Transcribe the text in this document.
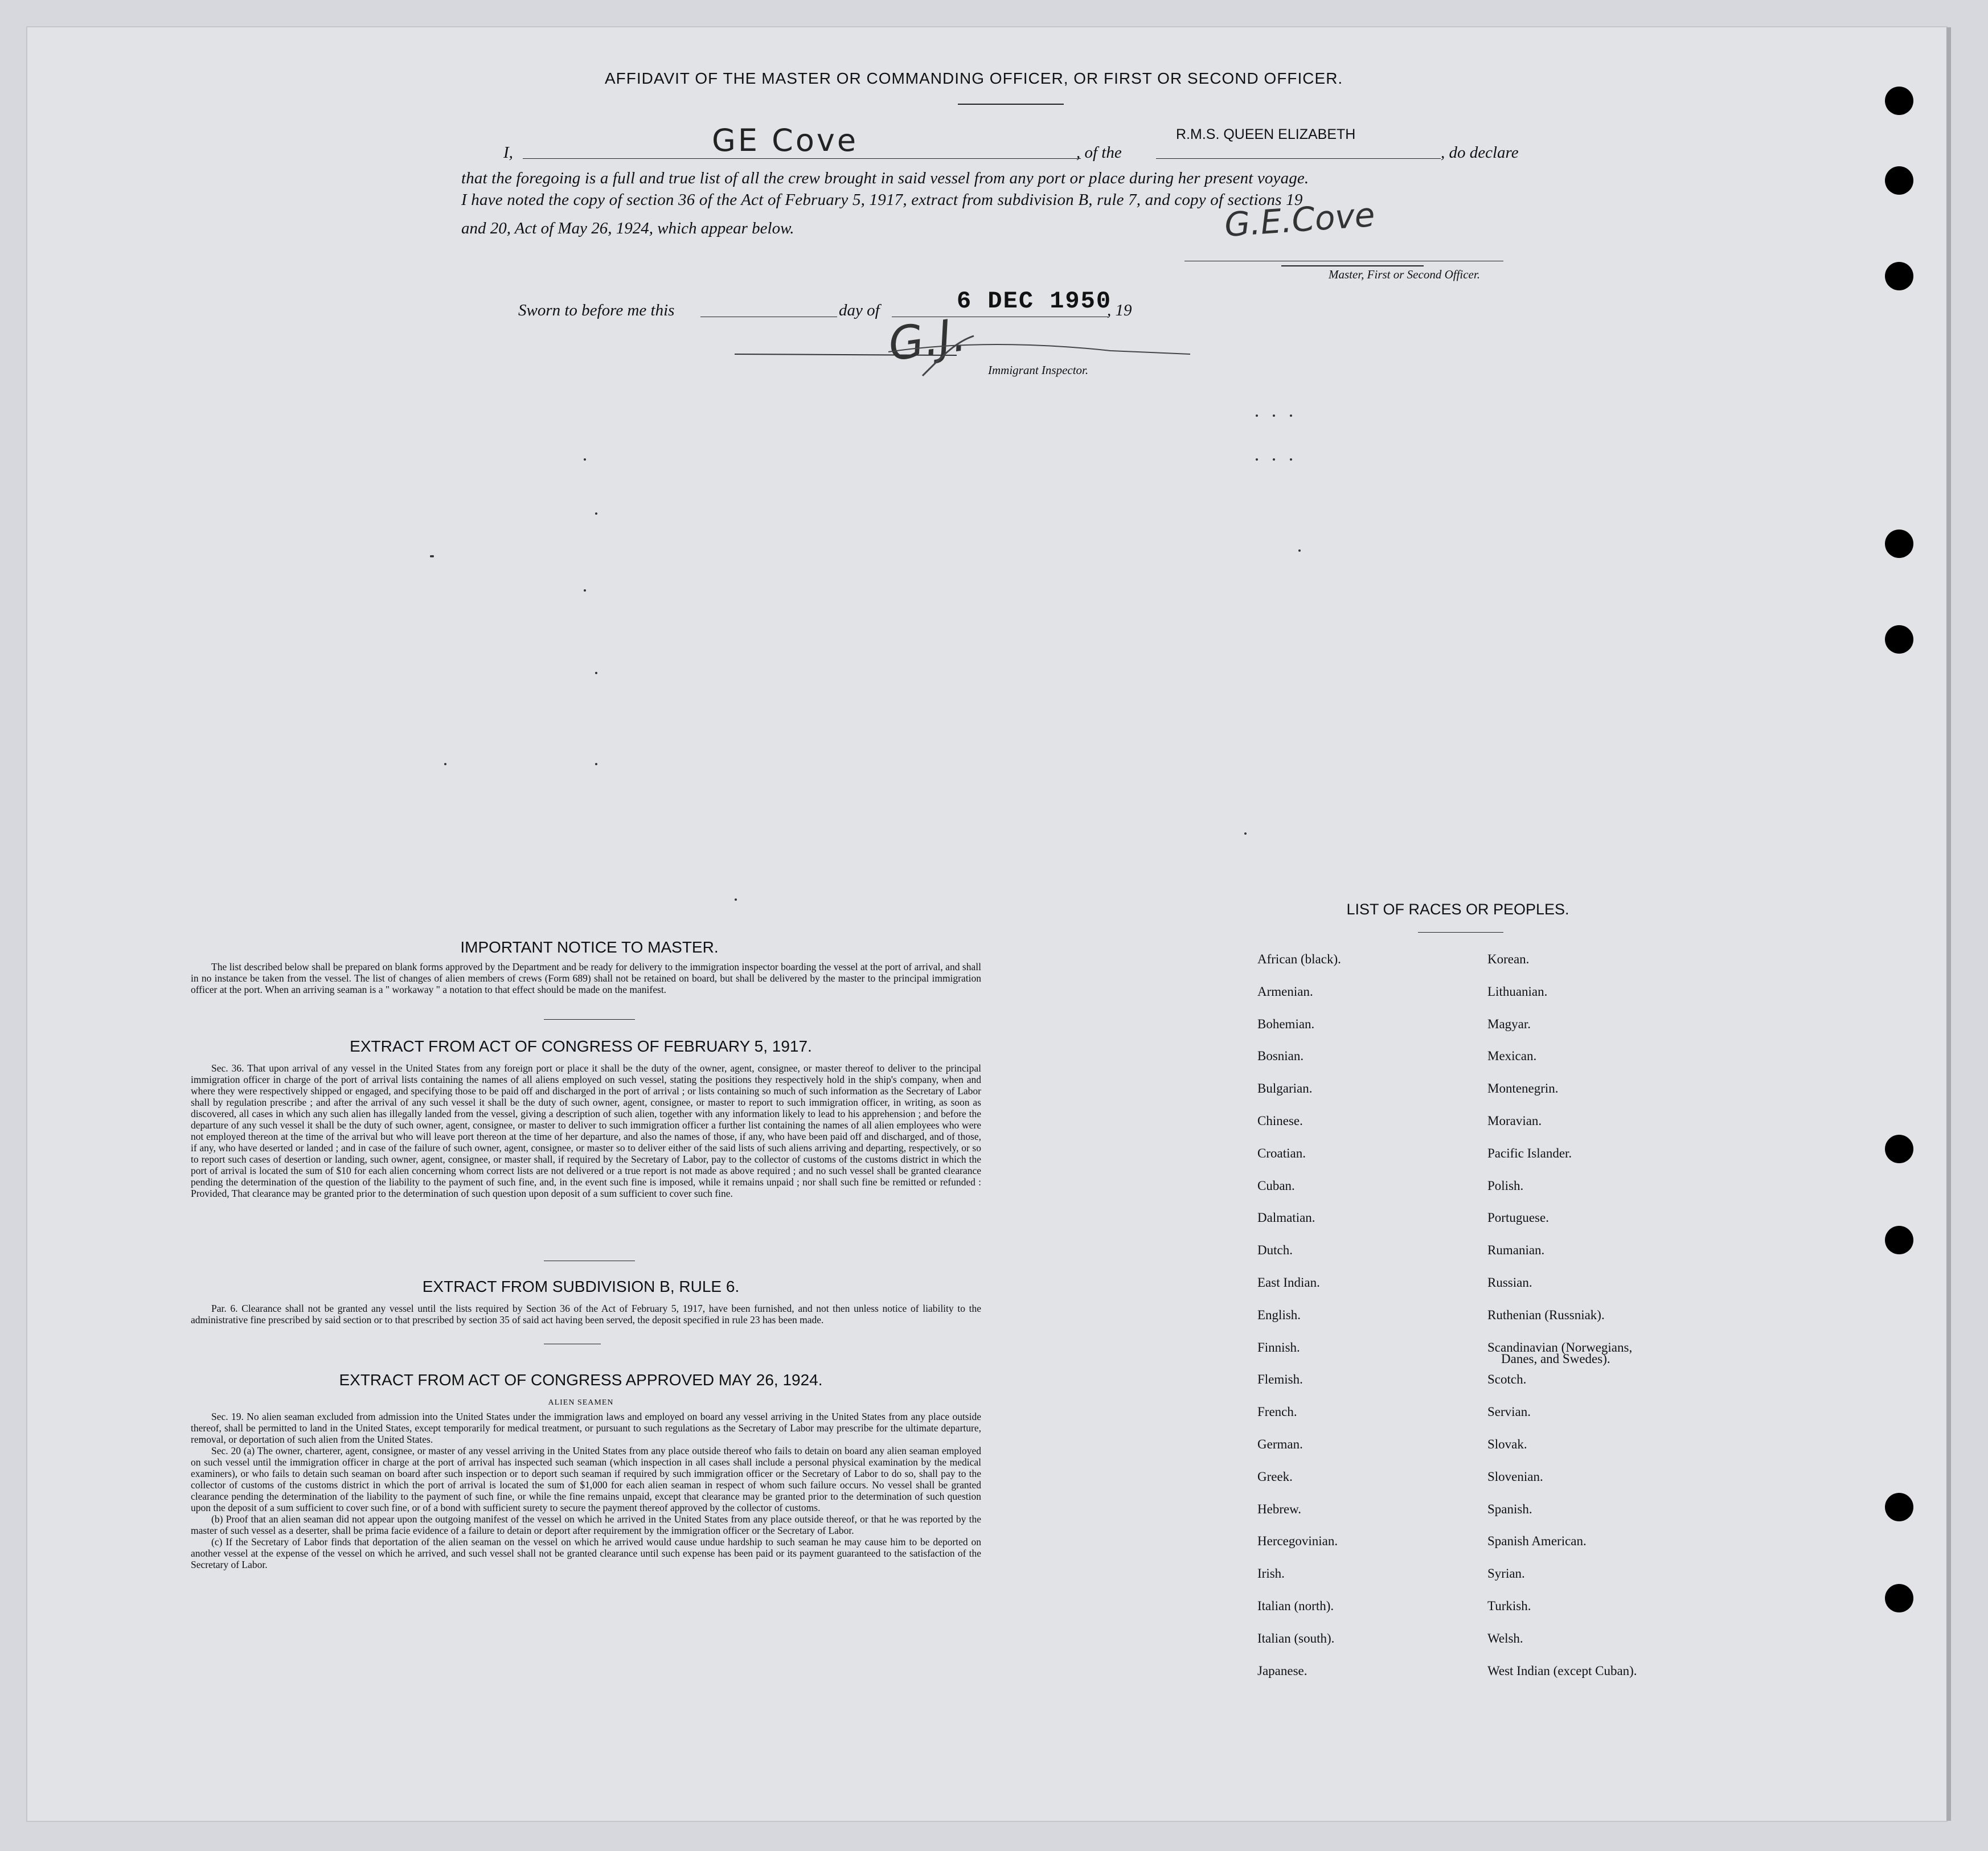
AFFIDAVIT OF THE MASTER OR COMMANDING OFFICER, OR FIRST OR SECOND OFFICER.
I,	GE Cove	, of the
R.M.S. QUEEN ELIZABETH
, do declare
that the foregoing is a full and true list of all the crew brought in said vessel from any port or place during her present voyage.
I have noted the copy of section 36 of the Act of February 5, 1917, extract from subdivision B, rule 7, and copy of sections 19
and 20, Act of May 26, 1924, which appear below.	G.E.Cove
Master, First or Second Officer.
Sworn to before me this	day of	6 DEC 1950
, 19
G.J. Immigrant Inspector.
IMPORTANT NOTICE TO MASTER.

The list described below shall be prepared on blank forms approved by the Department and be ready for delivery to the immigration inspector boarding the vessel at the port of arrival, and shall in no instance be taken from the vessel. The list of changes of alien members of crews (Form 689) shall not be retained on board, but shall be delivered by the master to the principal immigration officer at the port. When an arriving seaman is a " workaway " a notation to that effect should be made on the manifest.

EXTRACT FROM ACT OF CONGRESS OF FEBRUARY 5, 1917.

Sec. 36. That upon arrival of any vessel in the United States from any foreign port or place it shall be the duty of the owner, agent, consignee, or master thereof to deliver to the principal immigration officer in charge of the port of arrival lists containing the names of all aliens employed on such vessel, stating the positions they respectively hold in the ship's company, when and where they were respectively shipped or engaged, and specifying those to be paid off and discharged in the port of arrival ; or lists containing so much of such information as the Secretary of Labor shall by regulation prescribe ; and after the arrival of any such vessel it shall be the duty of such owner, agent, consignee, or master to report to such immigration officer, in writing, as soon as discovered, all cases in which any such alien has illegally landed from the vessel, giving a description of such alien, together with any information likely to lead to his apprehension ; and before the departure of any such vessel it shall be the duty of such owner, agent, consignee, or master to deliver to such immigration officer a further list containing the names of all alien employees who were not employed thereon at the time of the arrival but who will leave port thereon at the time of her departure, and also the names of those, if any, who have been paid off and discharged, and of those, if any, who have deserted or landed ; and in case of the failure of such owner, agent, consignee, or master so to deliver either of the said lists of such aliens arriving and departing, respectively, or so to report such cases of desertion or landing, such owner, agent, consignee, or master shall, if required by the Secretary of Labor, pay to the collector of customs of the customs district in which the port of arrival is located the sum of $10 for each alien concerning whom correct lists are not delivered or a true report is not made as above required ; and no such vessel shall be granted clearance pending the determination of the question of the liability to the payment of such fine, and, in the event such fine is imposed, while it remains unpaid ; nor shall such fine be remitted or refunded : Provided, That clearance may be granted prior to the determination of such question upon deposit of a sum sufficient to cover such fine.

EXTRACT FROM SUBDIVISION B, RULE 6.

Par. 6. Clearance shall not be granted any vessel until the lists required by Section 36 of the Act of February 5, 1917, have been furnished, and not then unless notice of liability to the administrative fine prescribed by said section or to that prescribed by section 35 of said act having been served, the deposit specified in rule 23 has been made.

EXTRACT FROM ACT OF CONGRESS APPROVED MAY 26, 1924.
ALIEN SEAMEN

Sec. 19. No alien seaman excluded from admission into the United States under the immigration laws and employed on board any vessel arriving in the United States from any place outside thereof, shall be permitted to land in the United States, except temporarily for medical treatment, or pursuant to such regulations as the Secretary of Labor may prescribe for the ultimate departure, removal, or deportation of such alien from the United States.

Sec. 20 (a) The owner, charterer, agent, consignee, or master of any vessel arriving in the United States from any place outside thereof who fails to detain on board any alien seaman employed on such vessel until the immigration officer in charge at the port of arrival has inspected such seaman (which inspection in all cases shall include a personal physical examination by the medical examiners), or who fails to detain such seaman on board after such inspection or to deport such seaman if required by such immigration officer or the Secretary of Labor to do so, shall pay to the collector of customs of the customs district in which the port of arrival is located the sum of $1,000 for each alien seaman in respect of whom such failure occurs. No vessel shall be granted clearance pending the determination of the liability to the payment of such fine, or while the fine remains unpaid, except that clearance may be granted prior to the determination of such question upon the deposit of a sum sufficient to cover such fine, or of a bond with sufficient surety to secure the payment thereof approved by the collector of customs.

(b) Proof that an alien seaman did not appear upon the outgoing manifest of the vessel on which he arrived in the United States from any place outside thereof, or that he was reported by the master of such vessel as a deserter, shall be prima facie evidence of a failure to detain or deport after requirement by the immigration officer or the Secretary of Labor.

(c) If the Secretary of Labor finds that deportation of the alien seaman on the vessel on which he arrived would cause undue hardship to such seaman he may cause him to be deported on another vessel at the expense of the vessel on which he arrived, and such vessel shall not be granted clearance until such expense has been paid or its payment guaranteed to the satisfaction of the Secretary of Labor.

LIST OF RACES OR PEOPLES.
African (black).
Armenian.
Bohemian.
Bosnian.
Bulgarian.
Chinese.
Croatian.
Cuban.
Dalmatian.
Dutch.
East Indian.
English.
Finnish.
Flemish.
French.
German.
Greek.
Hebrew.
Hercegovinian.
Irish.
Italian (north).
Italian (south).
Japanese.
Korean.
Lithuanian.
Magyar.
Mexican.
Montenegrin.
Moravian.
Pacific Islander.
Polish.
Portuguese.
Rumanian.
Russian.
Ruthenian (Russniak).
Scandinavian (Norwegians,
Scotch.
Servian.
Slovak.
Slovenian.
Spanish.
Spanish American.
Syrian.
Turkish.
Welsh.
West Indian (except Cuban).
Danes, and Swedes).
